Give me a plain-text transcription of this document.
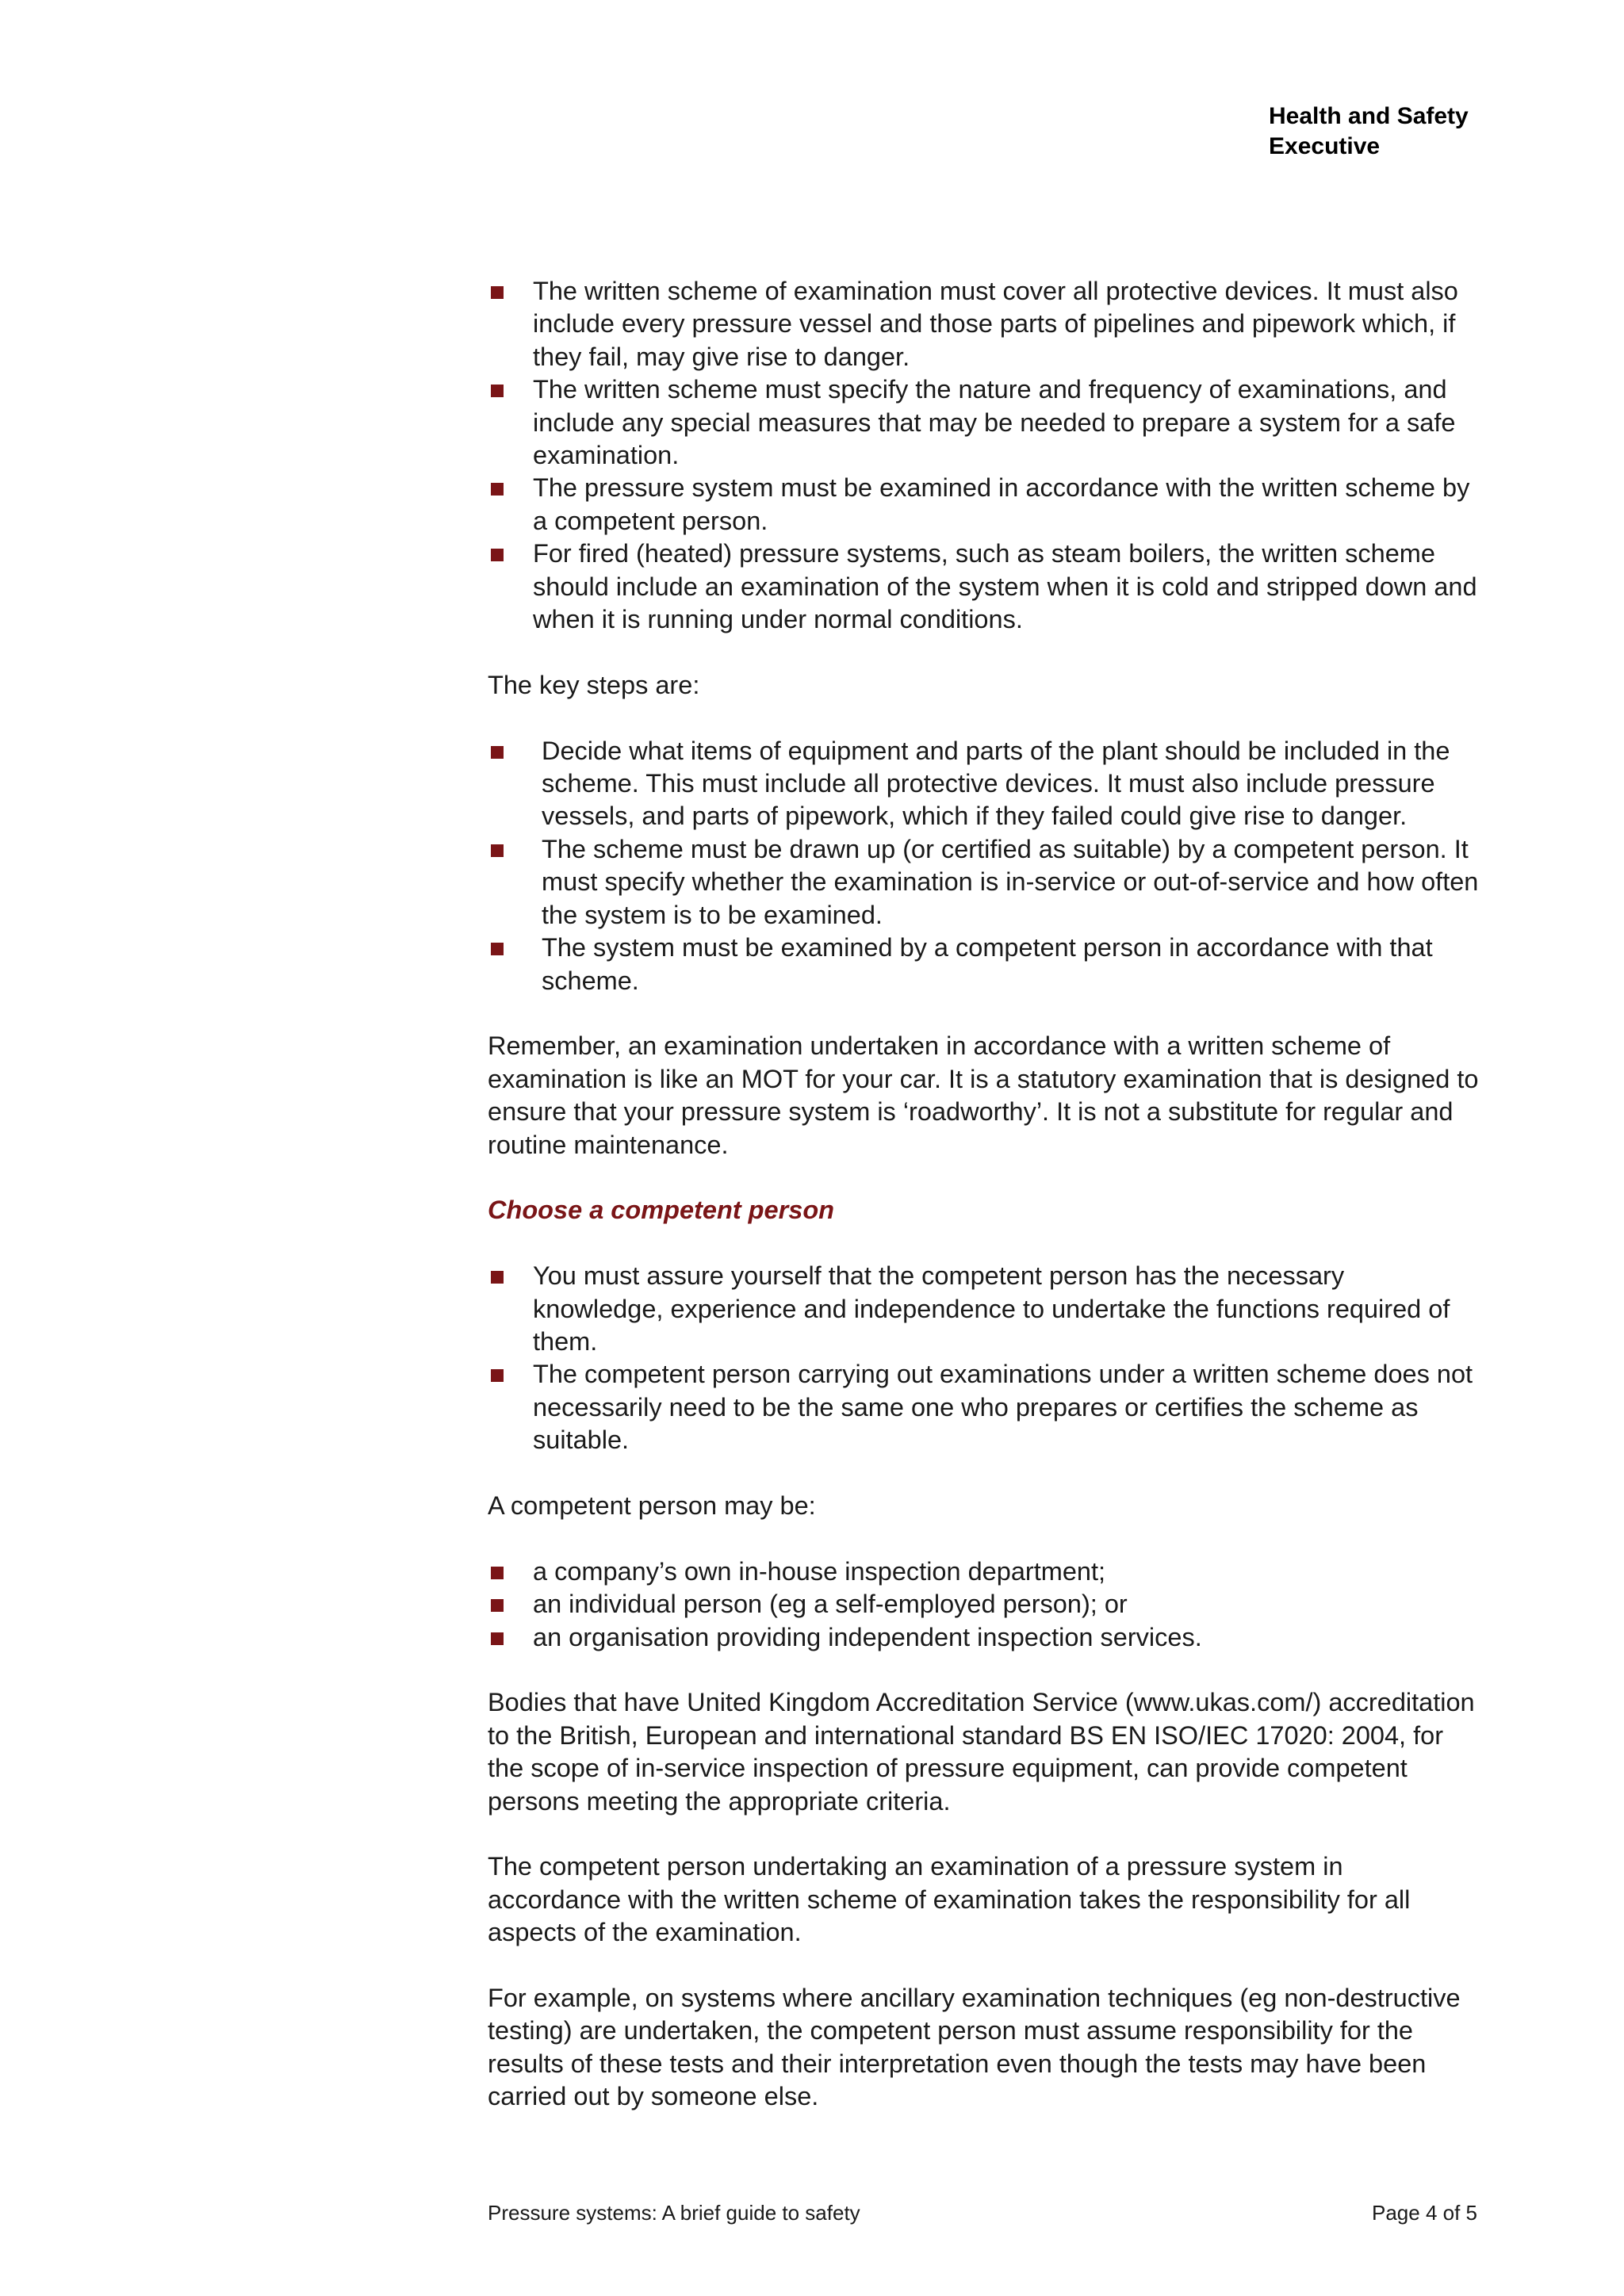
Health and Safety
Executive
The written scheme of examination must cover all protective devices. It must also include every pressure vessel and those parts of pipelines and pipework which, if they fail, may give rise to danger.
The written scheme must specify the nature and frequency of examinations, and include any special measures that may be needed to prepare a system for a safe examination.
The pressure system must be examined in accordance with the written scheme by a competent person.
For fired (heated) pressure systems, such as steam boilers, the written scheme should include an examination of the system when it is cold and stripped down and when it is running under normal conditions.

The key steps are:

Decide what items of equipment and parts of the plant should be included in the scheme. This must include all protective devices. It must also include pressure vessels, and parts of pipework, which if they failed could give rise to danger.
The scheme must be drawn up (or certified as suitable) by a competent person. It must specify whether the examination is in-service or out-of-service and how often the system is to be examined.
The system must be examined by a competent person in accordance with that scheme.

Remember, an examination undertaken in accordance with a written scheme of examination is like an MOT for your car. It is a statutory examination that is designed to ensure that your pressure system is ‘roadworthy’. It is not a substitute for regular and routine maintenance.

Choose a competent person

You must assure yourself that the competent person has the necessary knowledge, experience and independence to undertake the functions required of them.
The competent person carrying out examinations under a written scheme does not necessarily need to be the same one who prepares or certifies the scheme as suitable.

A competent person may be:

a company’s own in-house inspection department;
an individual person (eg a self-employed person); or
an organisation providing independent inspection services.

Bodies that have United Kingdom Accreditation Service (www.ukas.com/) accreditation to the British, European and international standard BS EN ISO/IEC 17020: 2004, for the scope of in-service inspection of pressure equipment, can provide competent persons meeting the appropriate criteria.

The competent person undertaking an examination of a pressure system in accordance with the written scheme of examination takes the responsibility for all aspects of the examination.

For example, on systems where ancillary examination techniques (eg non-destructive testing) are undertaken, the competent person must assume responsibility for the results of these tests and their interpretation even though the tests may have been carried out by someone else.

Pressure systems: A brief guide to safety	Page 4 of 5
